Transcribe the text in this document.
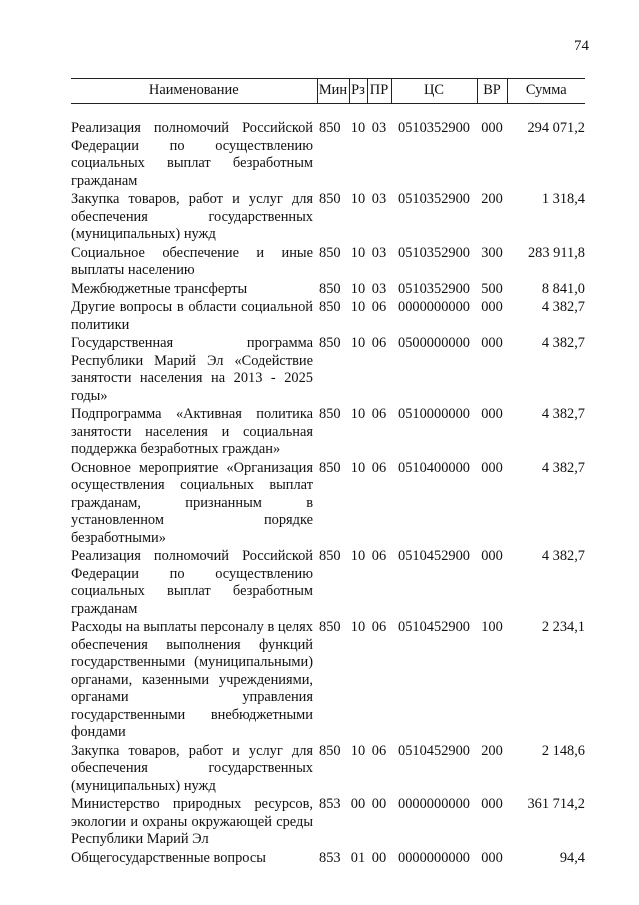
74
Наименование	Мин	Рз	ПР	ЦС	ВР	Сумма

Реализация полномочий Российской Федерации по осуществлению социальных выплат безработным гражданам	850	10	03	0510352900	000	294 071,2
Закупка товаров, работ и услуг для обеспечения государственных (муниципальных) нужд	850	10	03	0510352900	200	1 318,4
Социальное обеспечение и иные выплаты населению	850	10	03	0510352900	300	283 911,8
Межбюджетные трансферты	850	10	03	0510352900	500	8 841,0
Другие вопросы в области социальной политики	850	10	06	0000000000	000	4 382,7
Государственная программа Республики Марий Эл «Содействие занятости населения на 2013 - 2025 годы»	850	10	06	0500000000	000	4 382,7
Подпрограмма «Активная политика занятости населения и социальная поддержка безработных граждан»	850	10	06	0510000000	000	4 382,7
Основное мероприятие «Организация осуществления социальных выплат гражданам, признанным в установленном порядке безработными»	850	10	06	0510400000	000	4 382,7
Реализация полномочий Российской Федерации по осуществлению социальных выплат безработным гражданам	850	10	06	0510452900	000	4 382,7
Расходы на выплаты персоналу в целях обеспечения выполнения функций государственными (муниципальными) органами, казенными учреждениями, органами управления государственными внебюджетными фондами	850	10	06	0510452900	100	2 234,1
Закупка товаров, работ и услуг для обеспечения государственных (муниципальных) нужд	850	10	06	0510452900	200	2 148,6
Министерство природных ресурсов, экологии и охраны окружающей среды Республики Марий Эл	853	00	00	0000000000	000	361 714,2
Общегосударственные вопросы	853	01	00	0000000000	000	94,4
